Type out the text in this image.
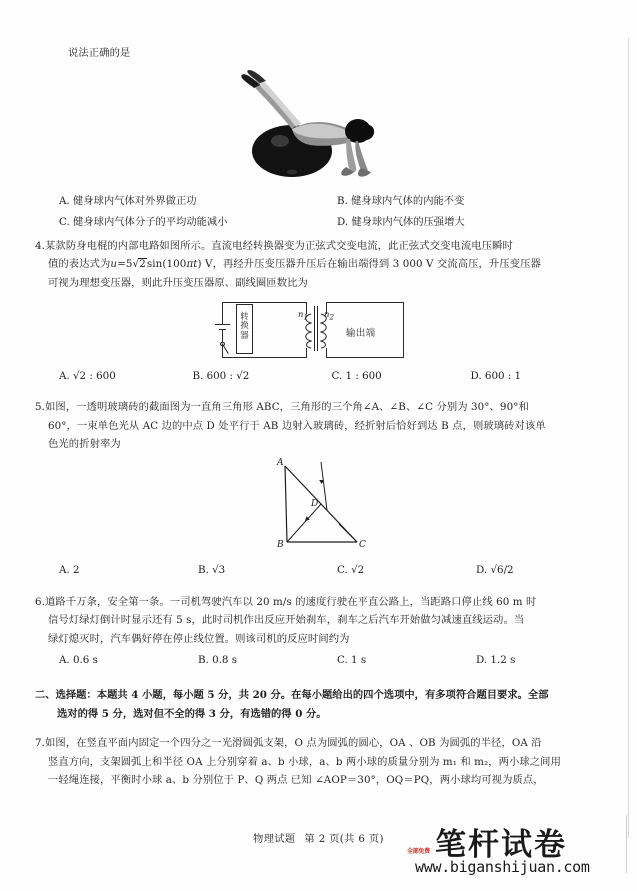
说法正确的是
A. 健身球内气体对外界做正功	B. 健身球内气体的内能不变
C. 健身球内气体分子的平均动能减小	D. 健身球内气体的压强增大
4.某款防身电棍的内部电路如图所示。直流电经转换器变为正弦式交变电流，此正弦式交变电流电压瞬时
值的表达式为u=5√2sin(100πt) V，再经升压变压器升压后在输出端得到 3 000 V 交流高压，升压变压器
可视为理想变压器，则此升压变压器原、副线圈匝数比为
转
换
器
$n_1$ $n_2$
输出端
A. √2 : 600	B. 600 : √2	C. 1 : 600	D. 600 : 1
5.如图，一透明玻璃砖的截面图为一直角三角形 ABC，三角形的三个角∠A、∠B、∠C 分别为 30°、90°和
60°，一束单色光从 AC 边的中点 D 处平行于 AB 边射入玻璃砖，经折射后恰好到达 B 点，则玻璃砖对该单
色光的折射率为
A
B	C
D
A. 2	B. √3	C. √2	D. √6/2
6.道路千万条，安全第一条。一司机驾驶汽车以 20 m/s 的速度行驶在平直公路上，当距路口停止线 60 m 时
信号灯绿灯倒计时显示还有 5 s，此时司机作出反应开始刹车，刹车之后汽车开始做匀减速直线运动。当
绿灯熄灭时，汽车偶好停在停止线位置。则该司机的反应时间约为
A. 0.6 s	B. 0.8 s	C. 1 s	D. 1.2 s
二、选择题：本题共 4 小题，每小题 5 分，共 20 分。在每小题给出的四个选项中，有多项符合题目要求。全部
选对的得 5 分，选对但不全的得 3 分，有选错的得 0 分。
7.如图，在竖直平面内固定一个四分之一光滑圆弧支架，O 点为圆弧的圆心，OA 、OB 为圆弧的半径，OA 沿
竖直方向，支架圆弧上和半径 OA 上分别穿着 a、b 小球，a、b 两小球的质量分别为 m₁ 和 m₂，两小球之间用
一轻绳连接，平衡时小球 a、b 分别位于 P、Q 两点 已知 ∠AOP＝30°，OQ＝PQ，两小球均可视为质点，
物理试题 第 2 页(共 6 页)
全部免费 笔杆试卷
www.biganshijuan.com
